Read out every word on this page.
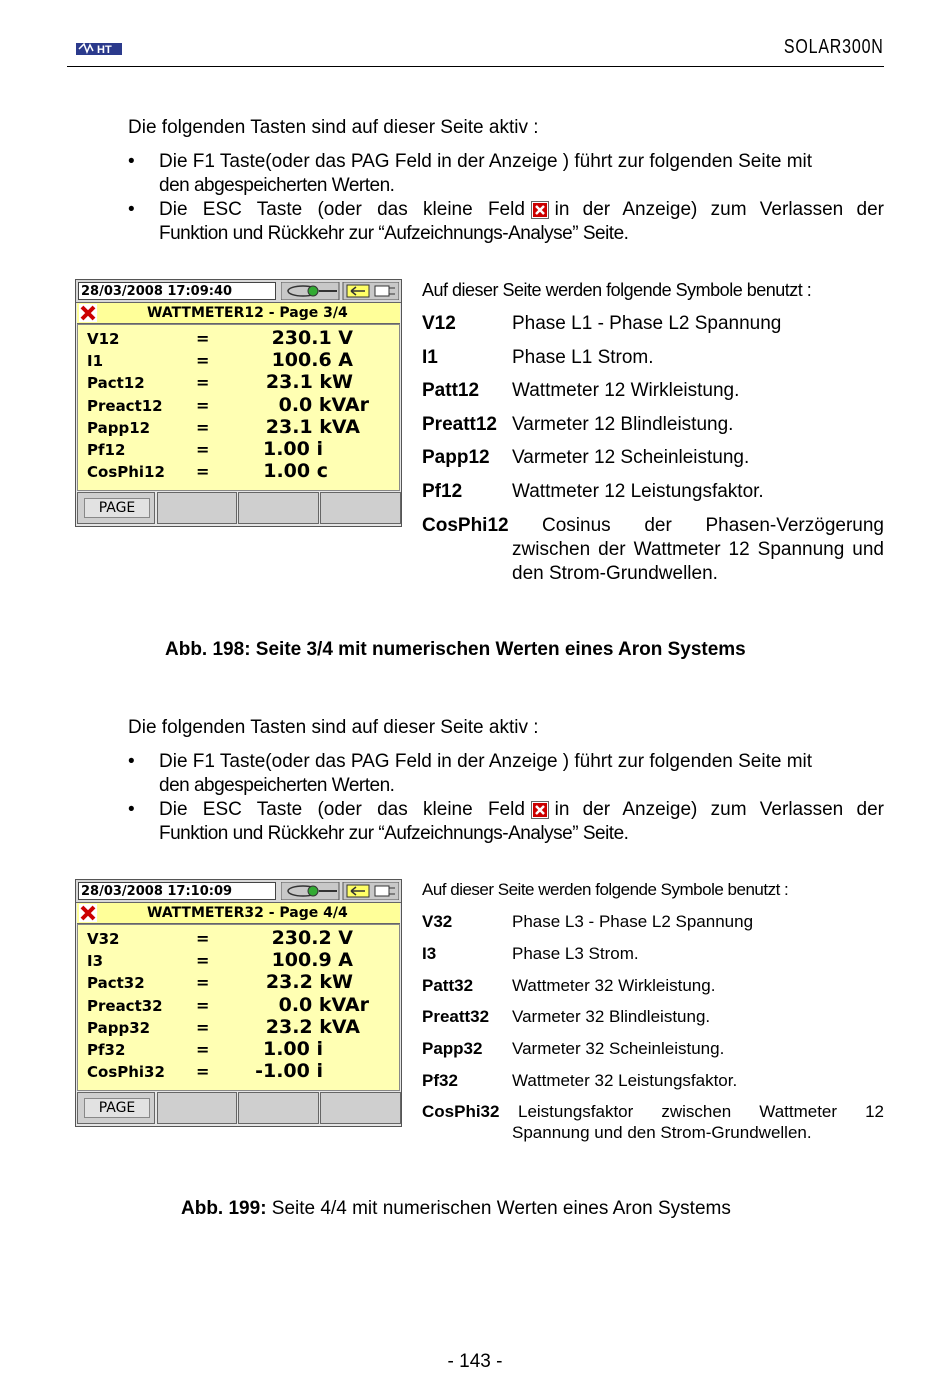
HT	SOLAR300N
Die folgenden Tasten sind auf dieser Seite aktiv :
• Die F1 Taste(oder das PAG Feld in der Anzeige ) führt zur folgenden Seite mit
den abgespeicherten Werten.
• Die ESC Taste (oder das kleine Feld in der Anzeige) zum Verlassen der
Funktion und Rückkehr zur “Aufzeichnungs-Analyse” Seite.
28/03/2008 17:09:40
WATTMETER12 - Page 3/4
V12	=	230.1 V
I1	=	100.6 A
Pact12	=	23.1 kW
Preact12 =	0.0 kVAr
Papp12	=	23.1 kVA
Pf12	=	1.00 i
CosPhi12 =	1.00 c
PAGE
Auf dieser Seite werden folgende Symbole benutzt :
V12	Phase L1 - Phase L2 Spannung
I1	Phase L1 Strom.
Patt12 Wattmeter 12 Wirkleistung.
Preatt12 Varmeter 12 Blindleistung.
Papp12 Varmeter 12 Scheinleistung.
Pf12	Wattmeter 12 Leistungsfaktor.
CosPhi12	Cosinus der Phasen-Verzögerung zwischen der Wattmeter 12 Spannung und den Strom-Grundwellen.
Abb. 198: Seite 3/4 mit numerischen Werten eines Aron Systems
Die folgenden Tasten sind auf dieser Seite aktiv :
• Die F1 Taste(oder das PAG Feld in der Anzeige ) führt zur folgenden Seite mit
den abgespeicherten Werten.
• Die ESC Taste (oder das kleine Feld in der Anzeige) zum Verlassen der
Funktion und Rückkehr zur “Aufzeichnungs-Analyse” Seite.
28/03/2008 17:10:09
WATTMETER32 - Page 4/4
V32	=	230.2 V
I3	=	100.9 A
Pact32	=	23.2 kW
Preact32 =	0.0 kVAr
Papp32	=	23.2 kVA
Pf32	=	1.00 i
CosPhi32 = -1.00 i
PAGE
Auf dieser Seite werden folgende Symbole benutzt :
V32	Phase L3 - Phase L2 Spannung
I3	Phase L3 Strom.
Patt32 Wattmeter 32 Wirkleistung.
Preatt32 Varmeter 32 Blindleistung.
Papp32 Varmeter 32 Scheinleistung.
Pf32	Wattmeter 32 Leistungsfaktor.
CosPhi32	Leistungsfaktor zwischen Wattmeter 12 Spannung und den Strom-Grundwellen.
Abb. 199: Seite 4/4 mit numerischen Werten eines Aron Systems
- 143 -
